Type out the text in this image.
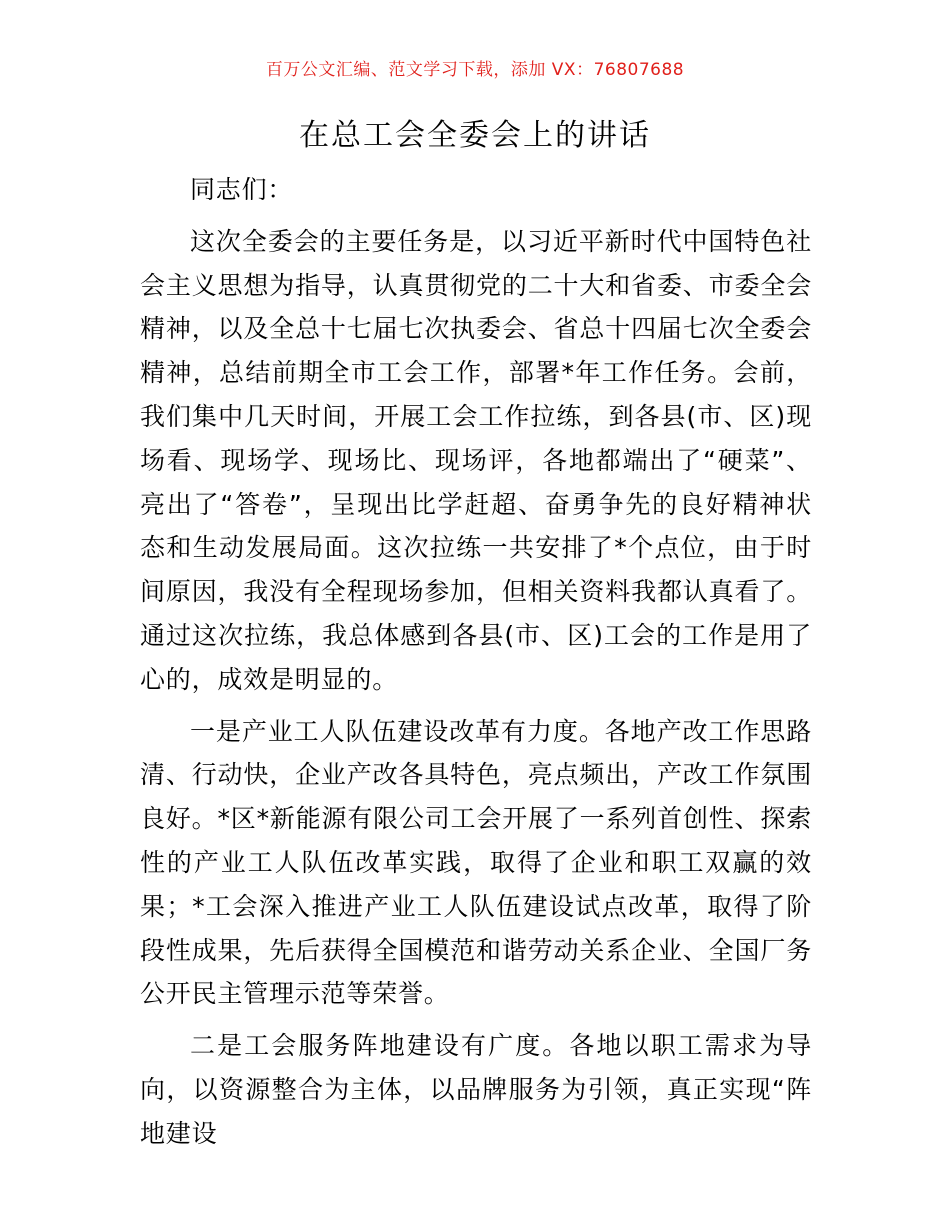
百万公文汇编、范文学习下载，添加 VX：76807688
在总工会全委会上的讲话

同志们：

这次全委会的主要任务是，以习近平新时代中国特色社会主义思想为指导，认真贯彻党的二十大和省委、市委全会精神，以及全总十七届七次执委会、省总十四届七次全委会精神，总结前期全市工会工作，部署*年工作任务。会前，我们集中几天时间，开展工会工作拉练，到各县(市、区)现场看、现场学、现场比、现场评，各地都端出了“硬菜”、亮出了“答卷”，呈现出比学赶超、奋勇争先的良好精神状态和生动发展局面。这次拉练一共安排了*个点位，由于时间原因，我没有全程现场参加，但相关资料我都认真看了。通过这次拉练，我总体感到各县(市、区)工会的工作是用了心的，成效是明显的。

一是产业工人队伍建设改革有力度。各地产改工作思路清、行动快，企业产改各具特色，亮点频出，产改工作氛围良好。*区*新能源有限公司工会开展了一系列首创性、探索性的产业工人队伍改革实践，取得了企业和职工双赢的效果；*工会深入推进产业工人队伍建设试点改革，取得了阶段性成果，先后获得全国模范和谐劳动关系企业、全国厂务公开民主管理示范等荣誉。

二是工会服务阵地建设有广度。各地以职工需求为导向，以资源整合为主体，以品牌服务为引领，真正实现“阵地建设
